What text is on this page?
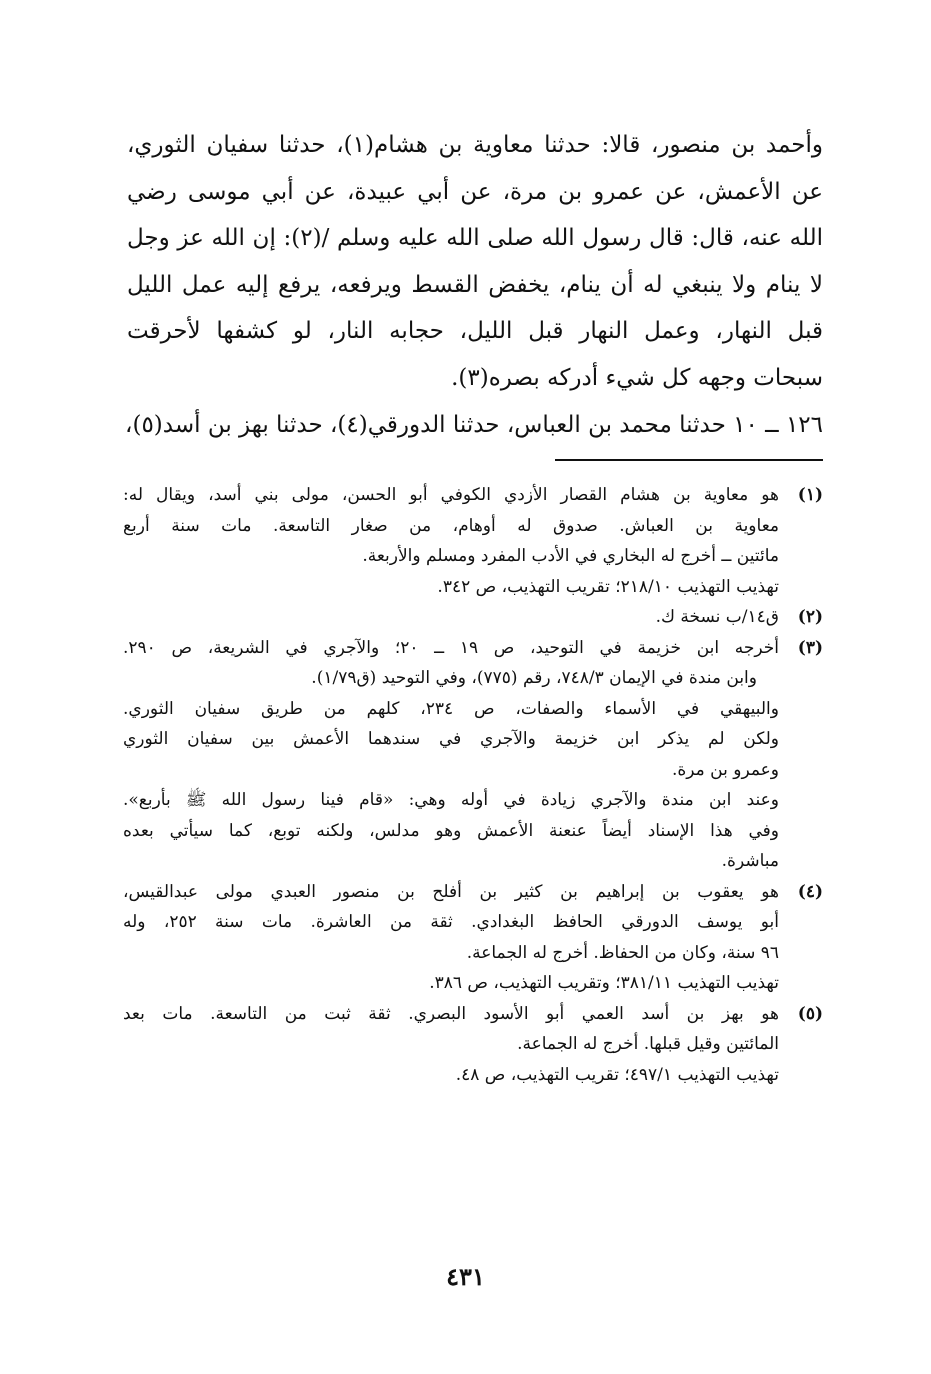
وأحمد بن منصور، قالا: حدثنا معاوية بن هشام(١)، حدثنا سفيان الثوري،
عن الأعمش، عن عمرو بن مرة، عن أبي عبيدة، عن أبي موسى رضي
الله عنه، قال: قال رسول الله صلى الله عليه وسلم /(٢): إن الله عز وجل
لا ينام ولا ينبغي له أن ينام، يخفض القسط ويرفعه، يرفع إليه عمل الليل
قبل النهار، وعمل النهار قبل الليل، حجابه النار، لو كشفها لأحرقت
سبحات وجهه كل شيء أدركه بصره(٣).
١٢٦ ــ ١٠ حدثنا محمد بن العباس، حدثنا الدورقي(٤)، حدثنا بهز بن أسد(٥)،
(١)
هو معاوية بن هشام القصار الأزدي الكوفي أبو الحسن، مولى بني أسد، ويقال له:
معاوية بن العباش. صدوق له أوهام، من صغار التاسعة. مات سنة أربع
مائتين ــ أخرج له البخاري في الأدب المفرد ومسلم والأربعة.
تهذيب التهذيب ٢١٨/١٠؛ تقريب التهذيب، ص ٣٤٢.
(٢)
ق١٤/ب نسخة ك.
(٣)
أخرجه ابن خزيمة في التوحيد، ص ١٩ ــ ٢٠؛ والآجري في الشريعة، ص ٢٩٠.
وابن مندة في الإيمان ٧٤٨/٣، رقم (٧٧٥)، وفي التوحيد (ق١/٧٩).
والبيهقي في الأسماء والصفات، ص ٢٣٤، كلهم من طريق سفيان الثوري.
ولكن لم يذكر ابن خزيمة والآجري في سندهما الأعمش بين سفيان الثوري
وعمرو بن مرة.
وعند ابن مندة والآجري زيادة في أوله وهي: «قام فينا رسول الله ﷺ بأربع».
وفي هذا الإسناد أيضاً عنعنة الأعمش وهو مدلس، ولكنه توبع، كما سيأتي بعده
مباشرة.
(٤)
هو يعقوب بن إبراهيم بن كثير بن أفلح بن منصور العبدي مولى عبدالقيس،
أبو يوسف الدورقي الحافظ البغدادي. ثقة من العاشرة. مات سنة ٢٥٢، وله
٩٦ سنة، وكان من الحفاظ. أخرج له الجماعة.
تهذيب التهذيب ٣٨١/١١؛ وتقريب التهذيب، ص ٣٨٦.
(٥)
هو بهز بن أسد العمي أبو الأسود البصري. ثقة ثبت من التاسعة. مات بعد
المائتين وقيل قبلها. أخرج له الجماعة.
تهذيب التهذيب ٤٩٧/١؛ تقريب التهذيب، ص ٤٨.
٤٣١
